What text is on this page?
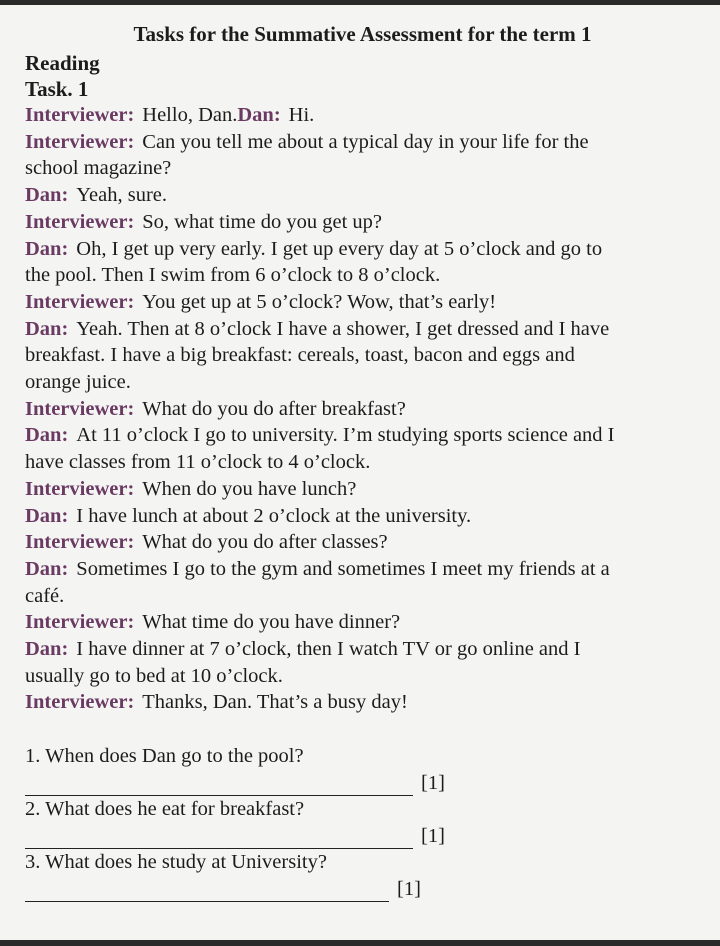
Tasks for the Summative Assessment for the term 1
Reading
Task. 1
Interviewer: Hello, Dan.Dan: Hi.
Interviewer: Can you tell me about a typical day in your life for the
school magazine?
Dan: Yeah, sure.
Interviewer: So, what time do you get up?
Dan: Oh, I get up very early. I get up every day at 5 o’clock and go to
the pool. Then I swim from 6 o’clock to 8 o’clock.
Interviewer: You get up at 5 o’clock? Wow, that’s early!
Dan: Yeah. Then at 8 o’clock I have a shower, I get dressed and I have
breakfast. I have a big breakfast: cereals, toast, bacon and eggs and
orange juice.
Interviewer: What do you do after breakfast?
Dan: At 11 o’clock I go to university. I’m studying sports science and I
have classes from 11 o’clock to 4 o’clock.
Interviewer: When do you have lunch?
Dan: I have lunch at about 2 o’clock at the university.
Interviewer: What do you do after classes?
Dan: Sometimes I go to the gym and sometimes I meet my friends at a
café.
Interviewer: What time do you have dinner?
Dan: I have dinner at 7 o’clock, then I watch TV or go online and I
usually go to bed at 10 o’clock.
Interviewer: Thanks, Dan. That’s a busy day!
1. When does Dan go to the pool?
[1]
2. What does he eat for breakfast?
[1]
3. What does he study at University?
[1]
